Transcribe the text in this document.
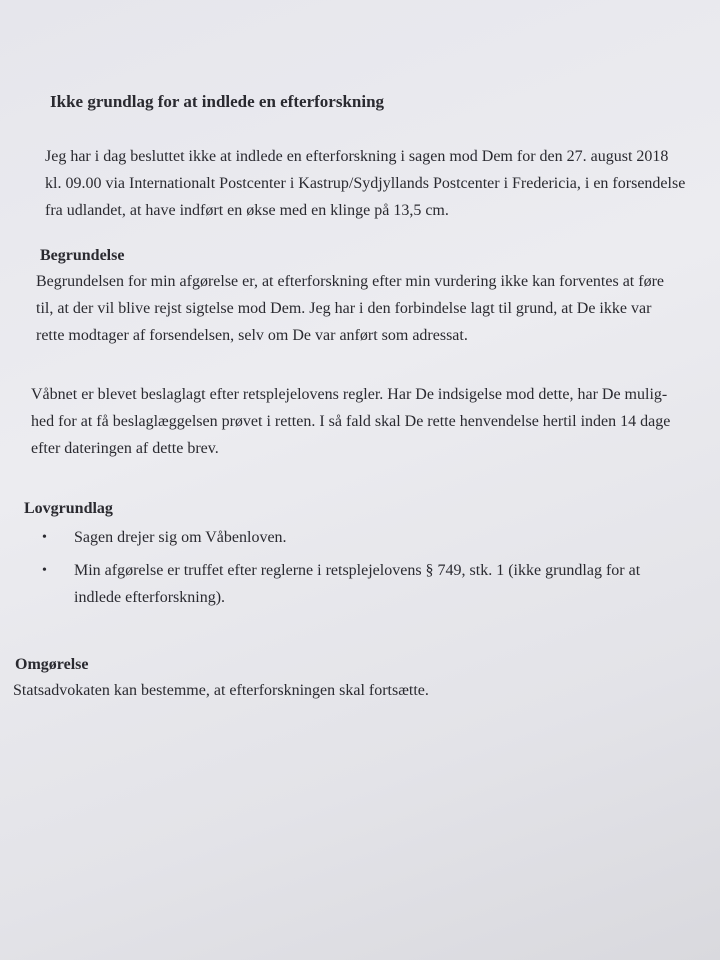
Ikke grundlag for at indlede en efterforskning
Jeg har i dag besluttet ikke at indlede en efterforskning i sagen mod Dem for den 27. august 2018
kl. 09.00 via Internationalt Postcenter i Kastrup/Sydjyllands Postcenter i Fredericia, i en forsendelse
fra udlandet, at have indført en økse med en klinge på 13,5 cm.
Begrundelse
Begrundelsen for min afgørelse er, at efterforskning efter min vurdering ikke kan forventes at føre
til, at der vil blive rejst sigtelse mod Dem. Jeg har i den forbindelse lagt til grund, at De ikke var
rette modtager af forsendelsen, selv om De var anført som adressat.
Våbnet er blevet beslaglagt efter retsplejelovens regler. Har De indsigelse mod dette, har De mulig-
hed for at få beslaglæggelsen prøvet i retten. I så fald skal De rette henvendelse hertil inden 14 dage
efter dateringen af dette brev.
Lovgrundlag
• Sagen drejer sig om Våbenloven.
• Min afgørelse er truffet efter reglerne i retsplejelovens § 749, stk. 1 (ikke grundlag for at
indlede efterforskning).
Omgørelse
Statsadvokaten kan bestemme, at efterforskningen skal fortsætte.
